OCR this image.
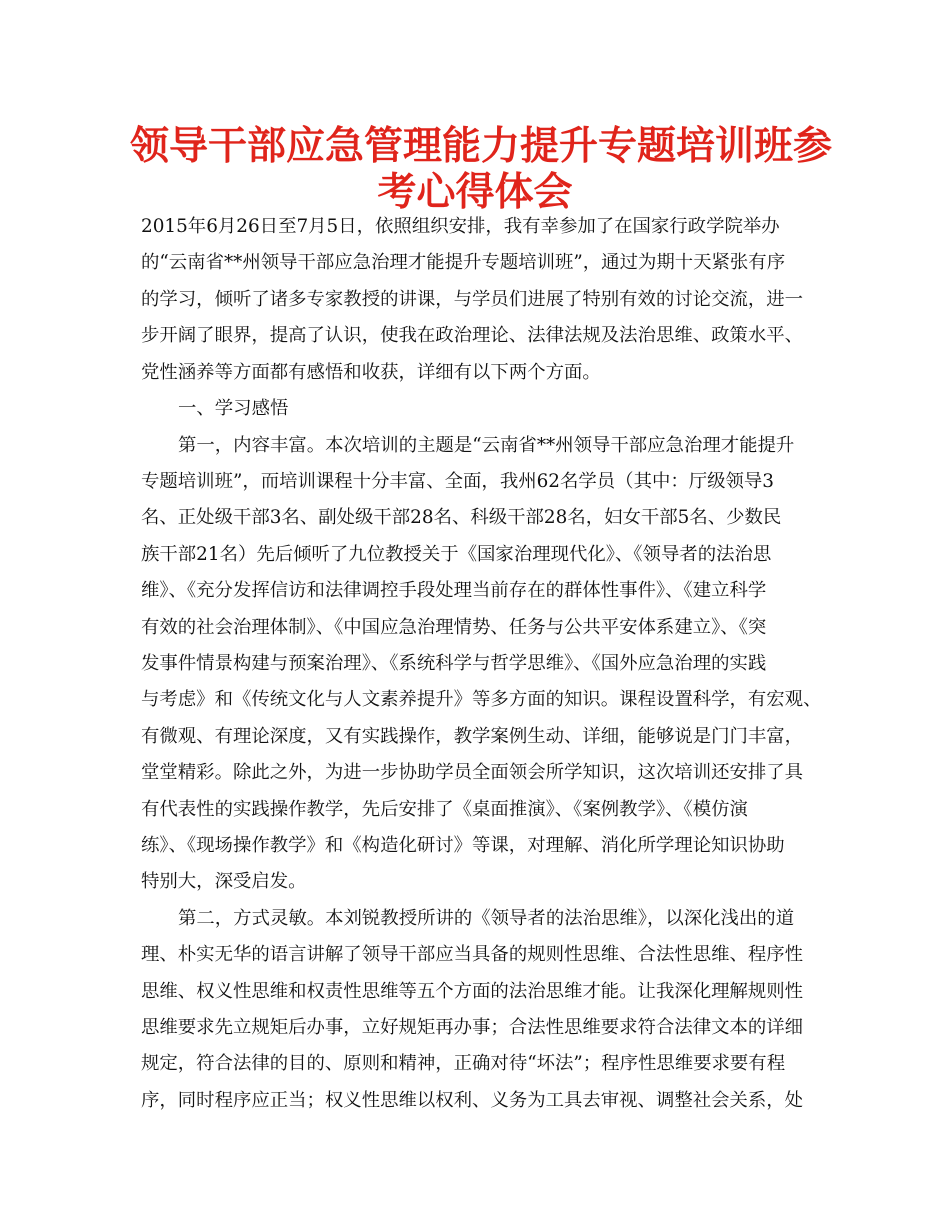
领导干部应急管理能力提升专题培训班参
考心得体会
2015年6月26日至7月5日，依照组织安排，我有幸参加了在国家行政学院举办
的“云南省**州领导干部应急治理才能提升专题培训班”，通过为期十天紧张有序
的学习，倾听了诸多专家教授的讲课，与学员们进展了特别有效的讨论交流，进一
步开阔了眼界，提高了认识，使我在政治理论、法律法规及法治思维、政策水平、
党性涵养等方面都有感悟和收获，详细有以下两个方面。
一、学习感悟
第一，内容丰富。本次培训的主题是“云南省**州领导干部应急治理才能提升
专题培训班”，而培训课程十分丰富、全面，我州62名学员（其中：厅级领导3
名、正处级干部3名、副处级干部28名、科级干部28名，妇女干部5名、少数民
族干部21名）先后倾听了九位教授关于《国家治理现代化》、《领导者的法治思
维》、《充分发挥信访和法律调控手段处理当前存在的群体性事件》、《建立科学
有效的社会治理体制》、《中国应急治理情势、任务与公共平安体系建立》、《突
发事件情景构建与预案治理》、《系统科学与哲学思维》、《国外应急治理的实践
与考虑》和《传统文化与人文素养提升》等多方面的知识。课程设置科学，有宏观、
有微观、有理论深度，又有实践操作，教学案例生动、详细，能够说是门门丰富，
堂堂精彩。除此之外，为进一步协助学员全面领会所学知识，这次培训还安排了具
有代表性的实践操作教学，先后安排了《桌面推演》、《案例教学》、《模仿演
练》、《现场操作教学》和《构造化研讨》等课，对理解、消化所学理论知识协助
特别大，深受启发。
第二，方式灵敏。本刘锐教授所讲的《领导者的法治思维》，以深化浅出的道
理、朴实无华的语言讲解了领导干部应当具备的规则性思维、合法性思维、程序性
思维、权义性思维和权责性思维等五个方面的法治思维才能。让我深化理解规则性
思维要求先立规矩后办事，立好规矩再办事；合法性思维要求符合法律文本的详细
规定，符合法律的目的、原则和精神，正确对待“坏法”；程序性思维要求要有程
序，同时程序应正当；权义性思维以权利、义务为工具去审视、调整社会关系，处
